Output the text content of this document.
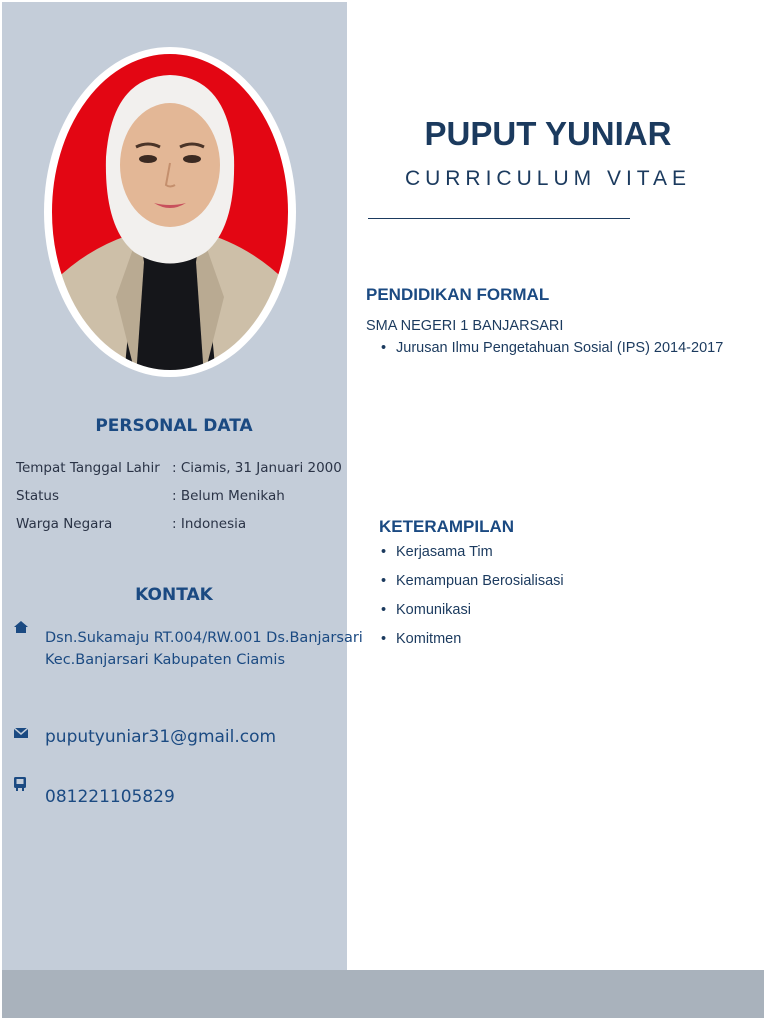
PERSONAL DATA
Tempat Tanggal Lahir : Ciamis, 31 Januari 2000
Status	: Belum Menikah
Warga Negara	: Indonesia
KONTAK
Dsn.Sukamaju RT.004/RW.001 Ds.Banjarsari
Kec.Banjarsari Kabupaten Ciamis
puputyuniar31@gmail.com
081221105829
PUPUT YUNIAR
CURRICULUM VITAE
PENDIDIKAN FORMAL
SMA NEGERI 1 BANJARSARI
• Jurusan Ilmu Pengetahuan Sosial (IPS) 2014-2017
KETERAMPILAN
• Kerjasama Tim
• Kemampuan Berosialisasi
• Komunikasi
• Komitmen
